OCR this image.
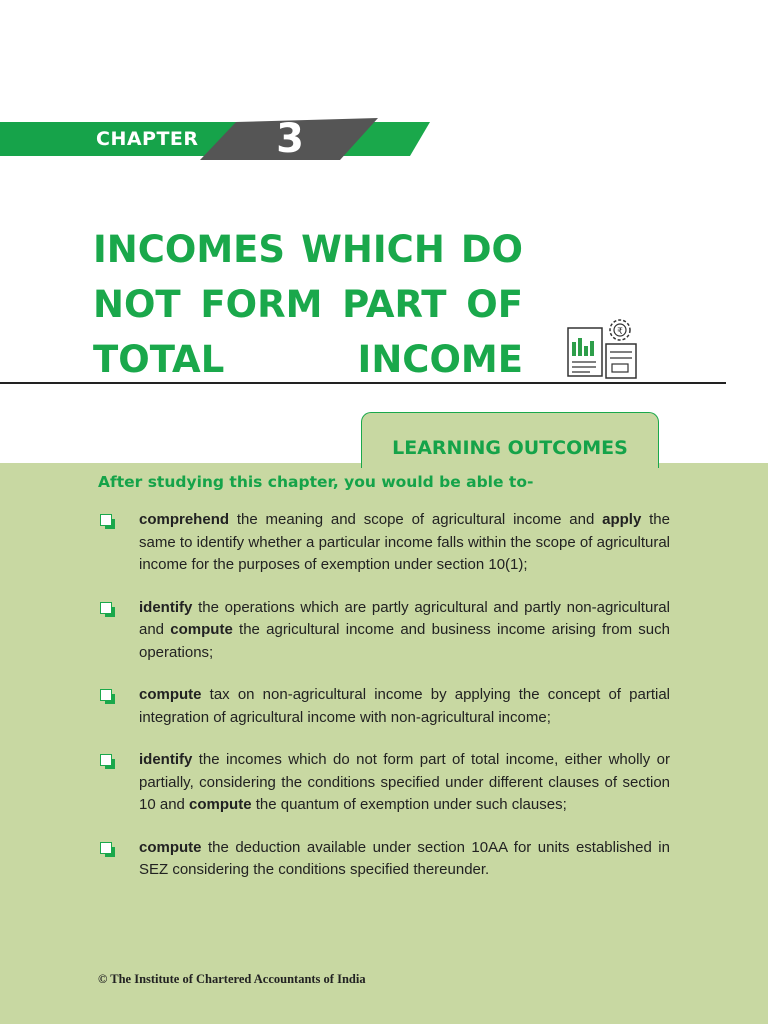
CHAPTER 3
INCOMES WHICH DO
NOT FORM PART OF
TOTAL INCOME
₹

After studying this chapter, you would be able to-

comprehend the meaning and scope of agricultural income and apply the same to identify whether a particular income falls within the scope of agricultural income for the purposes of exemption under section 10(1);
identify the operations which are partly agricultural and partly non-agricultural and compute the agricultural income and business income arising from such operations;
compute tax on non-agricultural income by applying the concept of partial integration of agricultural income with non-agricultural income;
identify the incomes which do not form part of total income, either wholly or partially, considering the conditions specified under different clauses of section 10 and compute the quantum of exemption under such clauses;
compute the deduction available under section 10AA for units established in SEZ considering the conditions specified thereunder.
LEARNING OUTCOMES

© The Institute of Chartered Accountants of India
